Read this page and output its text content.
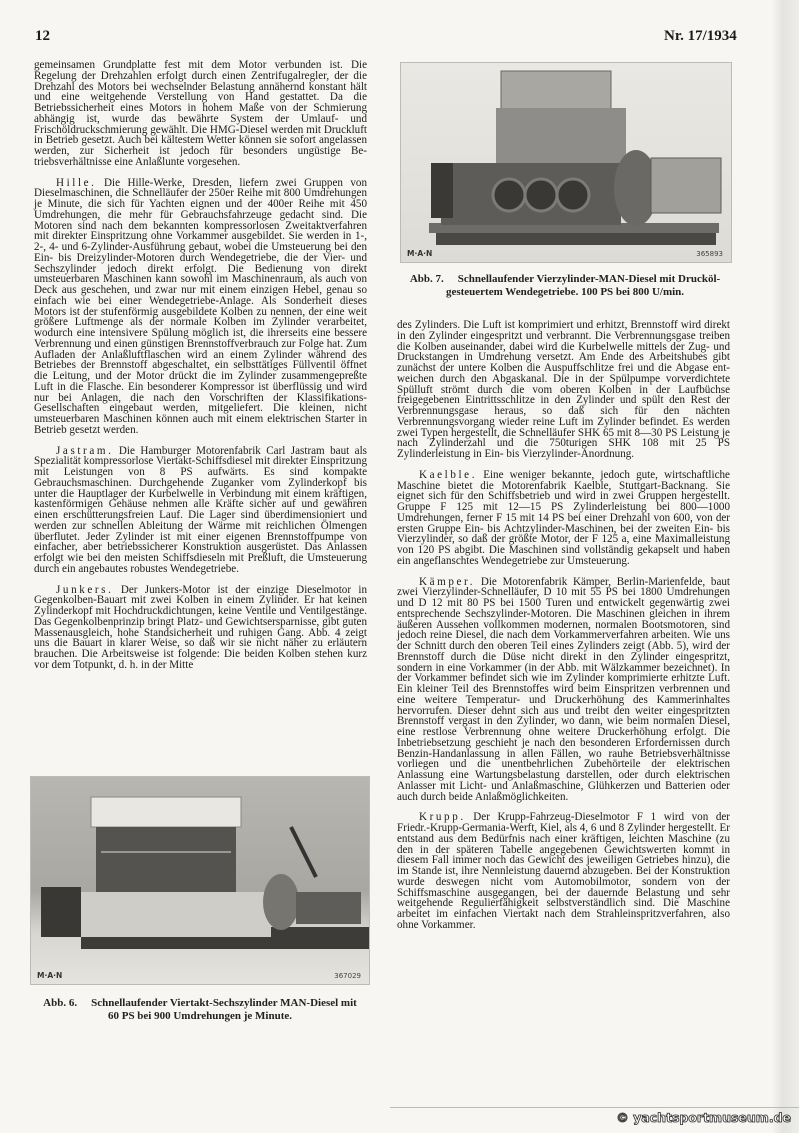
12	Nr. 17/1934

gemeinsamen Grundplatte fest mit dem Motor verbunden ist. Die Regelung der Drehzahlen erfolgt durch einen Zentrifugalregler, der die Drehzahl des Motors bei wechselnder Belastung annähernd konstant hält und eine weitgehende Verstellung von Hand gestattet. Da die Betriebssicherheit eines Motors in hohem Maße von der Schmierung abhängig ist, wurde das bewährte System der Umlauf- und Frischöldruckschmierung gewählt. Die HMG-Diesel werden mit Druckluft in Betrieb gesetzt. Auch bei kältestem Wetter können sie sofort angelassen werden, zur Sicherheit ist jedoch für besonders ungüstige Betriebsverhältnisse eine Anlaßlunte vorgesehen.

Hille. Die Hille-Werke, Dresden, liefern zwei Gruppen von Dieselmaschinen, die Schnelläufer der 250er Reihe mit 800 Umdrehungen je Minute, die sich für Yachten eignen und der 400er Reihe mit 450 Umdrehungen, die mehr für Gebrauchsfahrzeuge gedacht sind. Die Motoren sind nach dem bekannten kompressorlosen Zweitaktverfahren mit direkter Einspritzung ohne Vorkammer ausgebildet. Sie werden in 1-, 2-, 4- und 6-Zylinder-Ausführung gebaut, wobei die Umsteuerung bei den Ein- bis Dreizylinder-Motoren durch Wendegetriebe, die der Vier- und Sechszylinder jedoch direkt erfolgt. Die Bedienung von direkt umsteuerbaren Maschinen kann sowohl im Maschinenraum, als auch von Deck aus geschehen, und zwar nur mit einem einzigen Hebel, genau so einfach wie bei einer Wendegetriebe-Anlage. Als Sonderheit dieses Motors ist der stufenförmig ausgebildete Kolben zu nennen, der eine weit größere Luftmenge als der normale Kolben im Zylinder verarbeitet, wodurch eine intensivere Spülung möglich ist, die ihrerseits eine bessere Verbrennung und einen günstigen Brennstoffverbrauch zur Folge hat. Zum Aufladen der Anlaßluftflaschen wird an einem Zylinder während des Betriebes der Brennstoff abgeschaltet, ein selbsttätiges Füllventil öffnet die Leitung, und der Motor drückt die im Zylinder zusammengepreßte Luft in die Flasche. Ein besonderer Kompressor ist überflüssig und wird nur bei Anlagen, die nach den Vorschriften der Klassifikations-Gesellschaften eingebaut werden, mitgeliefert. Die kleinen, nicht umsteuerbaren Maschinen können auch mit einem elektrischen Starter in Betrieb gesetzt werden.

Jastram. Die Hamburger Motorenfabrik Carl Jastram baut als Spezialität kompressorlose Viertakt-Schiffsdiesel mit direkter Einspritzung mit Leistungen von 8 PS aufwärts. Es sind kompakte Gebrauchsmaschinen. Durchgehende Zuganker vom Zylinderkopf bis unter die Hauptlager der Kurbelwelle in Verbindung mit einem kräftigen, kastenförmigen Gehäuse nehmen alle Kräfte sicher auf und gewähren einen erschütterungsfreien Lauf. Die Lager sind überdimensioniert und werden zur schnellen Ableitung der Wärme mit reichlichen Ölmengen überflutet. Jeder Zylinder ist mit einer eigenen Brennstoffpumpe von einfacher, aber betriebssicherer Konstruktion ausgerüstet. Das Anlassen erfolgt wie bei den meisten Schiffsdieseln mit Preßluft, die Umsteuerung durch ein angebautes robustes Wendegetriebe.

Junkers. Der Junkers-Motor ist der einzige Dieselmotor in Gegenkolben-Bauart mit zwei Kolben in einem Zylinder. Er hat keinen Zylinderkopf mit Hochdruckdichtungen, keine Ventile und Ventilgestänge. Das Gegenkolbenprinzip bringt Platz- und Gewichtsersparnisse, gibt guten Massenausgleich, hohe Standsicherheit und ruhigen Gang. Abb. 4 zeigt uns die Bauart in klarer Weise, so daß wir sie nicht näher zu erläutern brauchen. Die Arbeitsweise ist folgende: Die beiden Kolben stehen kurz vor dem Totpunkt, d. h. in der Mitte

M·A·N	365893
Abb. 7. Schnellaufender Vierzylinder-MAN-Diesel mit Drucköl-
gesteuertem Wendegetriebe. 100 PS bei 800 U/min.

des Zylinders. Die Luft ist komprimiert und erhitzt, Brennstoff wird direkt in den Zylinder eingespritzt und verbrannt. Die Verbrennungsgase treiben die Kolben auseinander, dabei wird die Kurbelwelle mittels der Zug- und Druckstangen in Umdrehung versetzt. Am Ende des Arbeitshubes gibt zunächst der untere Kolben die Auspuffschlitze frei und die Abgase entweichen durch den Abgaskanal. Die in der Spülpumpe vorverdichtete Spülluft strömt durch die vom oberen Kolben in der Laufbüchse freigegebenen Eintrittsschlitze in den Zylinder und spült den Rest der Verbrennungsgase heraus, so daß sich für den nächten Verbrennungsvorgang wieder reine Luft im Zylinder befindet. Es werden zwei Typen hergestellt, die Schnelläufer SHK 65 mit 8—30 PS Leistung je nach Zylinderzahl und die 750turigen SHK 108 mit 25 PS Zylinderleistung in Ein- bis Vierzylinder-Anordnung.

Kaelble. Eine weniger bekannte, jedoch gute, wirtschaftliche Maschine bietet die Motorenfabrik Kaelble, Stuttgart-Backnang. Sie eignet sich für den Schiffsbetrieb und wird in zwei Gruppen hergestellt. Gruppe F 125 mit 12—15 PS Zylinderleistung bei 800—1000 Umdrehungen, ferner F 15 mit 14 PS bei einer Drehzahl von 600, von der ersten Gruppe Ein- bis Achtzylinder-Maschinen, bei der zweiten Ein- bis Vierzylinder, so daß der größte Motor, der F 125 a, eine Maximalleistung von 120 PS abgibt. Die Maschinen sind vollständig gekapselt und haben ein angeflanschtes Wendegetriebe zur Umsteuerung.

Kämper. Die Motorenfabrik Kämper, Berlin-Marienfelde, baut zwei Vierzylinder-Schnelläufer, D 10 mit 55 PS bei 1800 Umdrehungen und D 12 mit 80 PS bei 1500 Turen und entwickelt gegenwärtig zwei entsprechende Sechszylinder-Motoren. Die Maschinen gleichen in ihrem äußeren Aussehen vollkommen modernen, normalen Bootsmotoren, sind jedoch reine Diesel, die nach dem Vorkammerverfahren arbeiten. Wie uns der Schnitt durch den oberen Teil eines Zylinders zeigt (Abb. 5), wird der Brennstoff durch die Düse nicht direkt in den Zylinder eingespritzt, sondern in eine Vorkammer (in der Abb. mit Wälzkammer bezeichnet). In der Vorkammer befindet sich wie im Zylinder komprimierte erhitzte Luft. Ein kleiner Teil des Brennstoffes wird beim Einspritzen verbrennen und eine weitere Temperatur- und Druckerhöhung des Kammerinhaltes hervorrufen. Dieser dehnt sich aus und treibt den weiter eingespritzten Brennstoff vergast in den Zylinder, wo dann, wie beim normalen Diesel, eine restlose Verbrennung ohne weitere Druckerhöhung erfolgt. Die Inbetriebsetzung geschieht je nach den besonderen Erfordernissen durch Benzin-Handanlassung in allen Fällen, wo rauhe Betriebsverhältnisse vorliegen und die unentbehrlichen Zubehörteile der elektrischen Anlassung eine Wartungsbelastung darstellen, oder durch elektrischen Anlasser mit Licht- und Anlaßmaschine, Glühkerzen und Batterien oder auch durch beide Anlaßmöglichkeiten.

Krupp. Der Krupp-Fahrzeug-Dieselmotor F 1 wird von der Friedr.-Krupp-Germania-Werft, Kiel, als 4, 6 und 8 Zylinder hergestellt. Er entstand aus dem Bedürfnis nach einer kräftigen, leichten Maschine (zu den in der späteren Tabelle angegebenen Gewichtswerten kommt in diesem Fall immer noch das Gewicht des jeweiligen Getriebes hinzu), die im Stande ist, ihre Nennleistung dauernd abzugeben. Bei der Konstruktion wurde deswegen nicht vom Automobilmotor, sondern von der Schiffsmaschine ausgegangen, bei der dauernde Belastung und sehr weitgehende Regulierfähigkeit selbstverständlich sind. Die Maschine arbeitet im einfachen Viertakt nach dem Strahleinspritzverfahren, also ohne Vorkammer.

M·A·N	367029
Abb. 6. Schnellaufender Viertakt-Sechszylinder MAN-Diesel mit
60 PS bei 900 Umdrehungen je Minute.
© yachtsportmuseum.de
